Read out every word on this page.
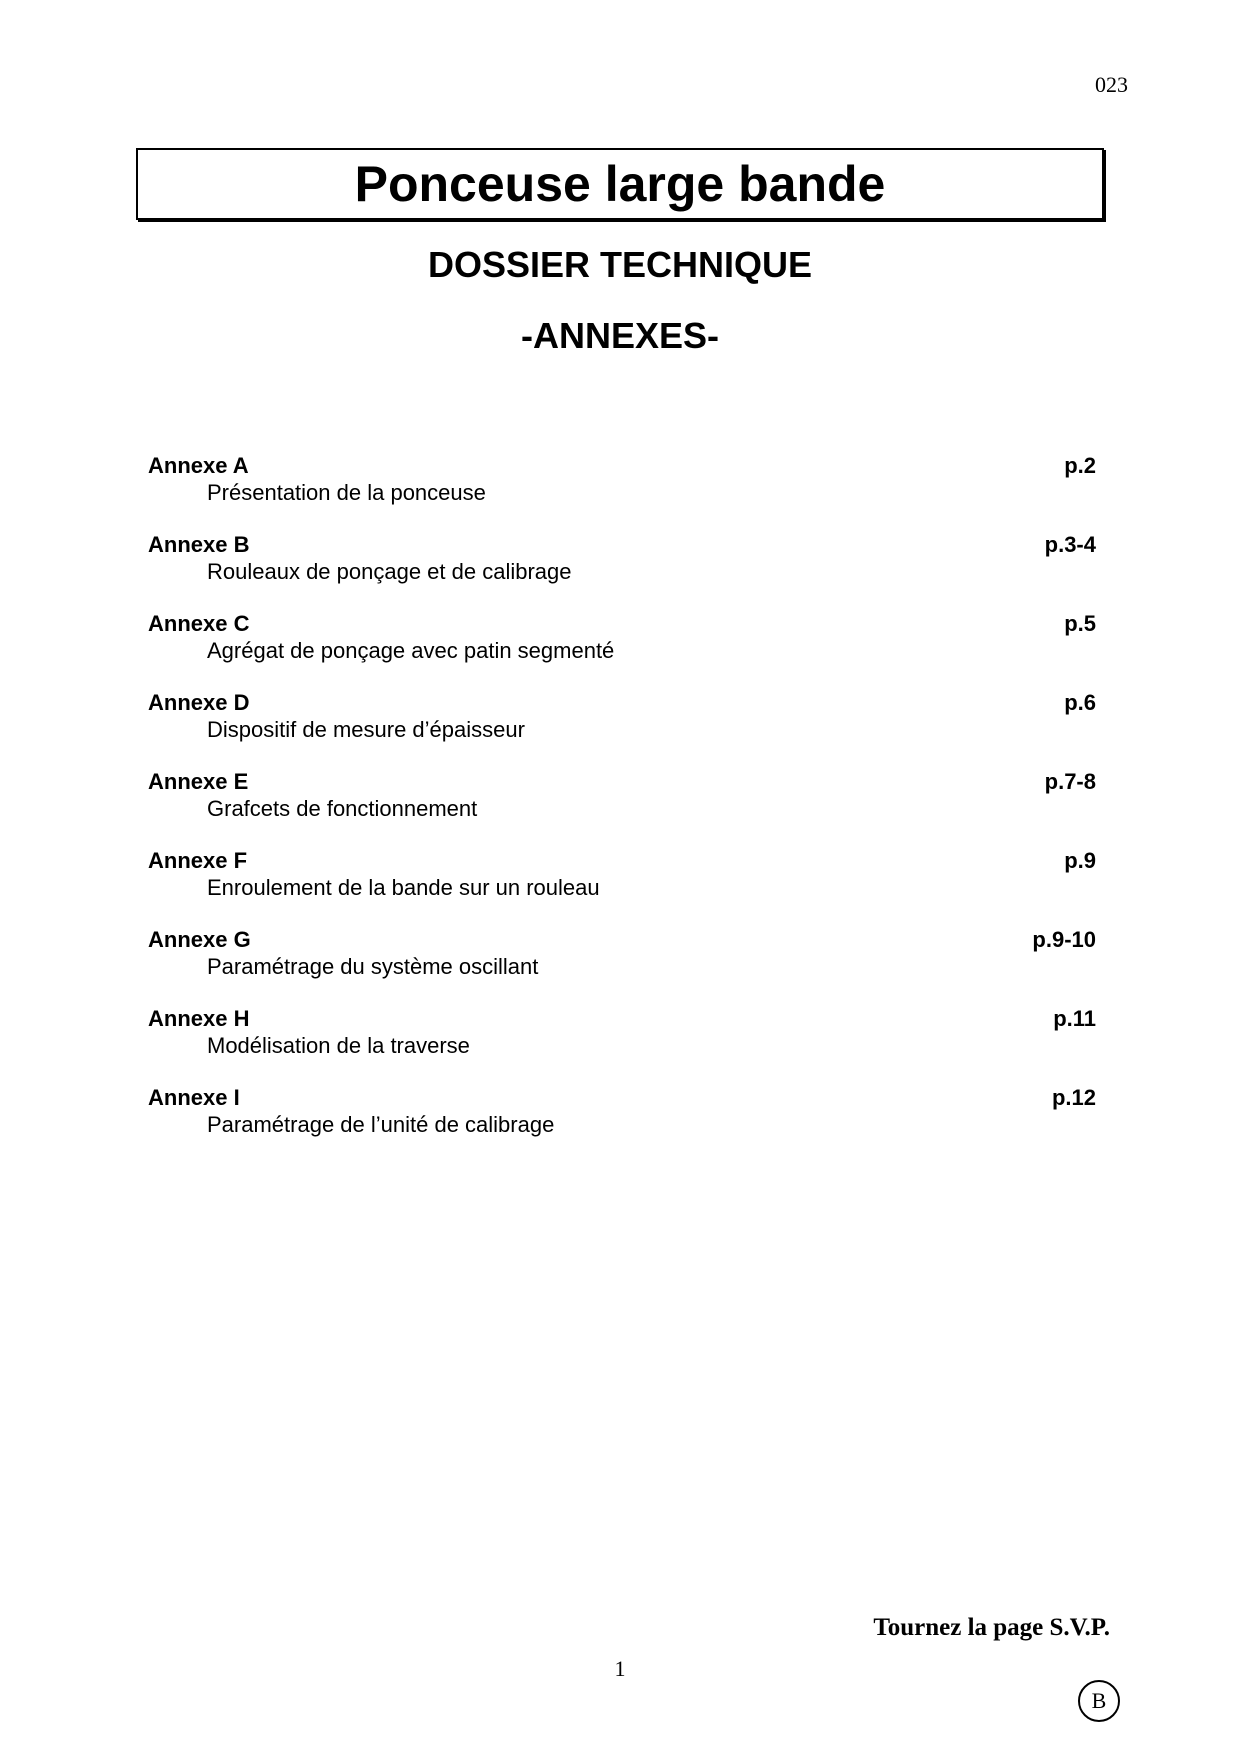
023
Ponceuse large bande
DOSSIER TECHNIQUE
-ANNEXES-
Annexe A	p.2
Présentation de la ponceuse
Annexe B	p.3-4
Rouleaux de ponçage et de calibrage
Annexe C	p.5
Agrégat de ponçage avec patin segmenté
Annexe D	p.6
Dispositif de mesure d’épaisseur
Annexe E	p.7-8
Grafcets de fonctionnement
Annexe F	p.9
Enroulement de la bande sur un rouleau
Annexe G	p.9-10
Paramétrage du système oscillant
Annexe H	p.11
Modélisation de la traverse
Annexe I	p.12
Paramétrage de l’unité de calibrage
Tournez la page S.V.P.
1
B
